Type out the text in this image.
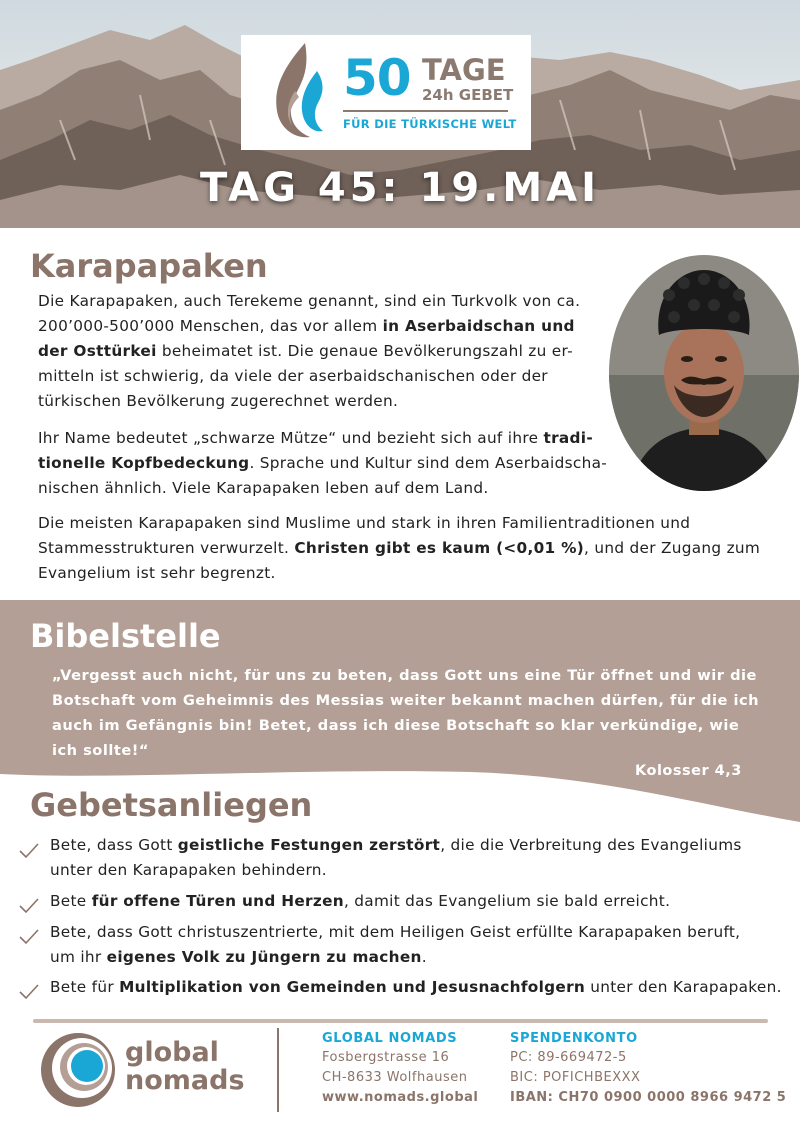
50 TAGE
24h GEBET
FÜR DIE TÜRKISCHE WELT
TAG 45: 19.MAI
Karapapaken
Die Karapapaken, auch Terekeme genannt, sind ein Turkvolk von ca.
200’000-500’000 Menschen, das vor allem in Aserbaidschan und
der Osttürkei beheimatet ist. Die genaue Bevölkerungszahl zu er-
mitteln ist schwierig, da viele der aserbaidschanischen oder der
türkischen Bevölkerung zugerechnet werden.
Ihr Name bedeutet „schwarze Mütze“ und bezieht sich auf ihre tradi-
tionelle Kopfbedeckung. Sprache und Kultur sind dem Aserbaidscha-
nischen ähnlich. Viele Karapapaken leben auf dem Land.
Die meisten Karapapaken sind Muslime und stark in ihren Familientraditionen und
Stammesstrukturen verwurzelt. Christen gibt es kaum (<0,01 %), und der Zugang zum
Evangelium ist sehr begrenzt.
Bibelstelle
„Vergesst auch nicht, für uns zu beten, dass Gott uns eine Tür öffnet und wir die
Botschaft vom Geheimnis des Messias weiter bekannt machen dürfen, für die ich
auch im Gefängnis bin! Betet, dass ich diese Botschaft so klar verkündige, wie
ich sollte!“
Kolosser 4,3
Gebetsanliegen
Bete, dass Gott geistliche Festungen zerstört, die die Verbreitung des Evangeliums
unter den Karapapaken behindern.
Bete für offene Türen und Herzen, damit das Evangelium sie bald erreicht.
Bete, dass Gott christuszentrierte, mit dem Heiligen Geist erfüllte Karapapaken beruft,
um ihr eigenes Volk zu Jüngern zu machen.
Bete für Multiplikation von Gemeinden und Jesusnachfolgern unter den Karapapaken.
global
nomads
GLOBAL NOMADS
Fosbergstrasse 16
CH-8633 Wolfhausen
www.nomads.global
SPENDENKONTO
PC: 89-669472-5
BIC: POFICHBEXXX
IBAN: CH70 0900 0000 8966 9472 5
